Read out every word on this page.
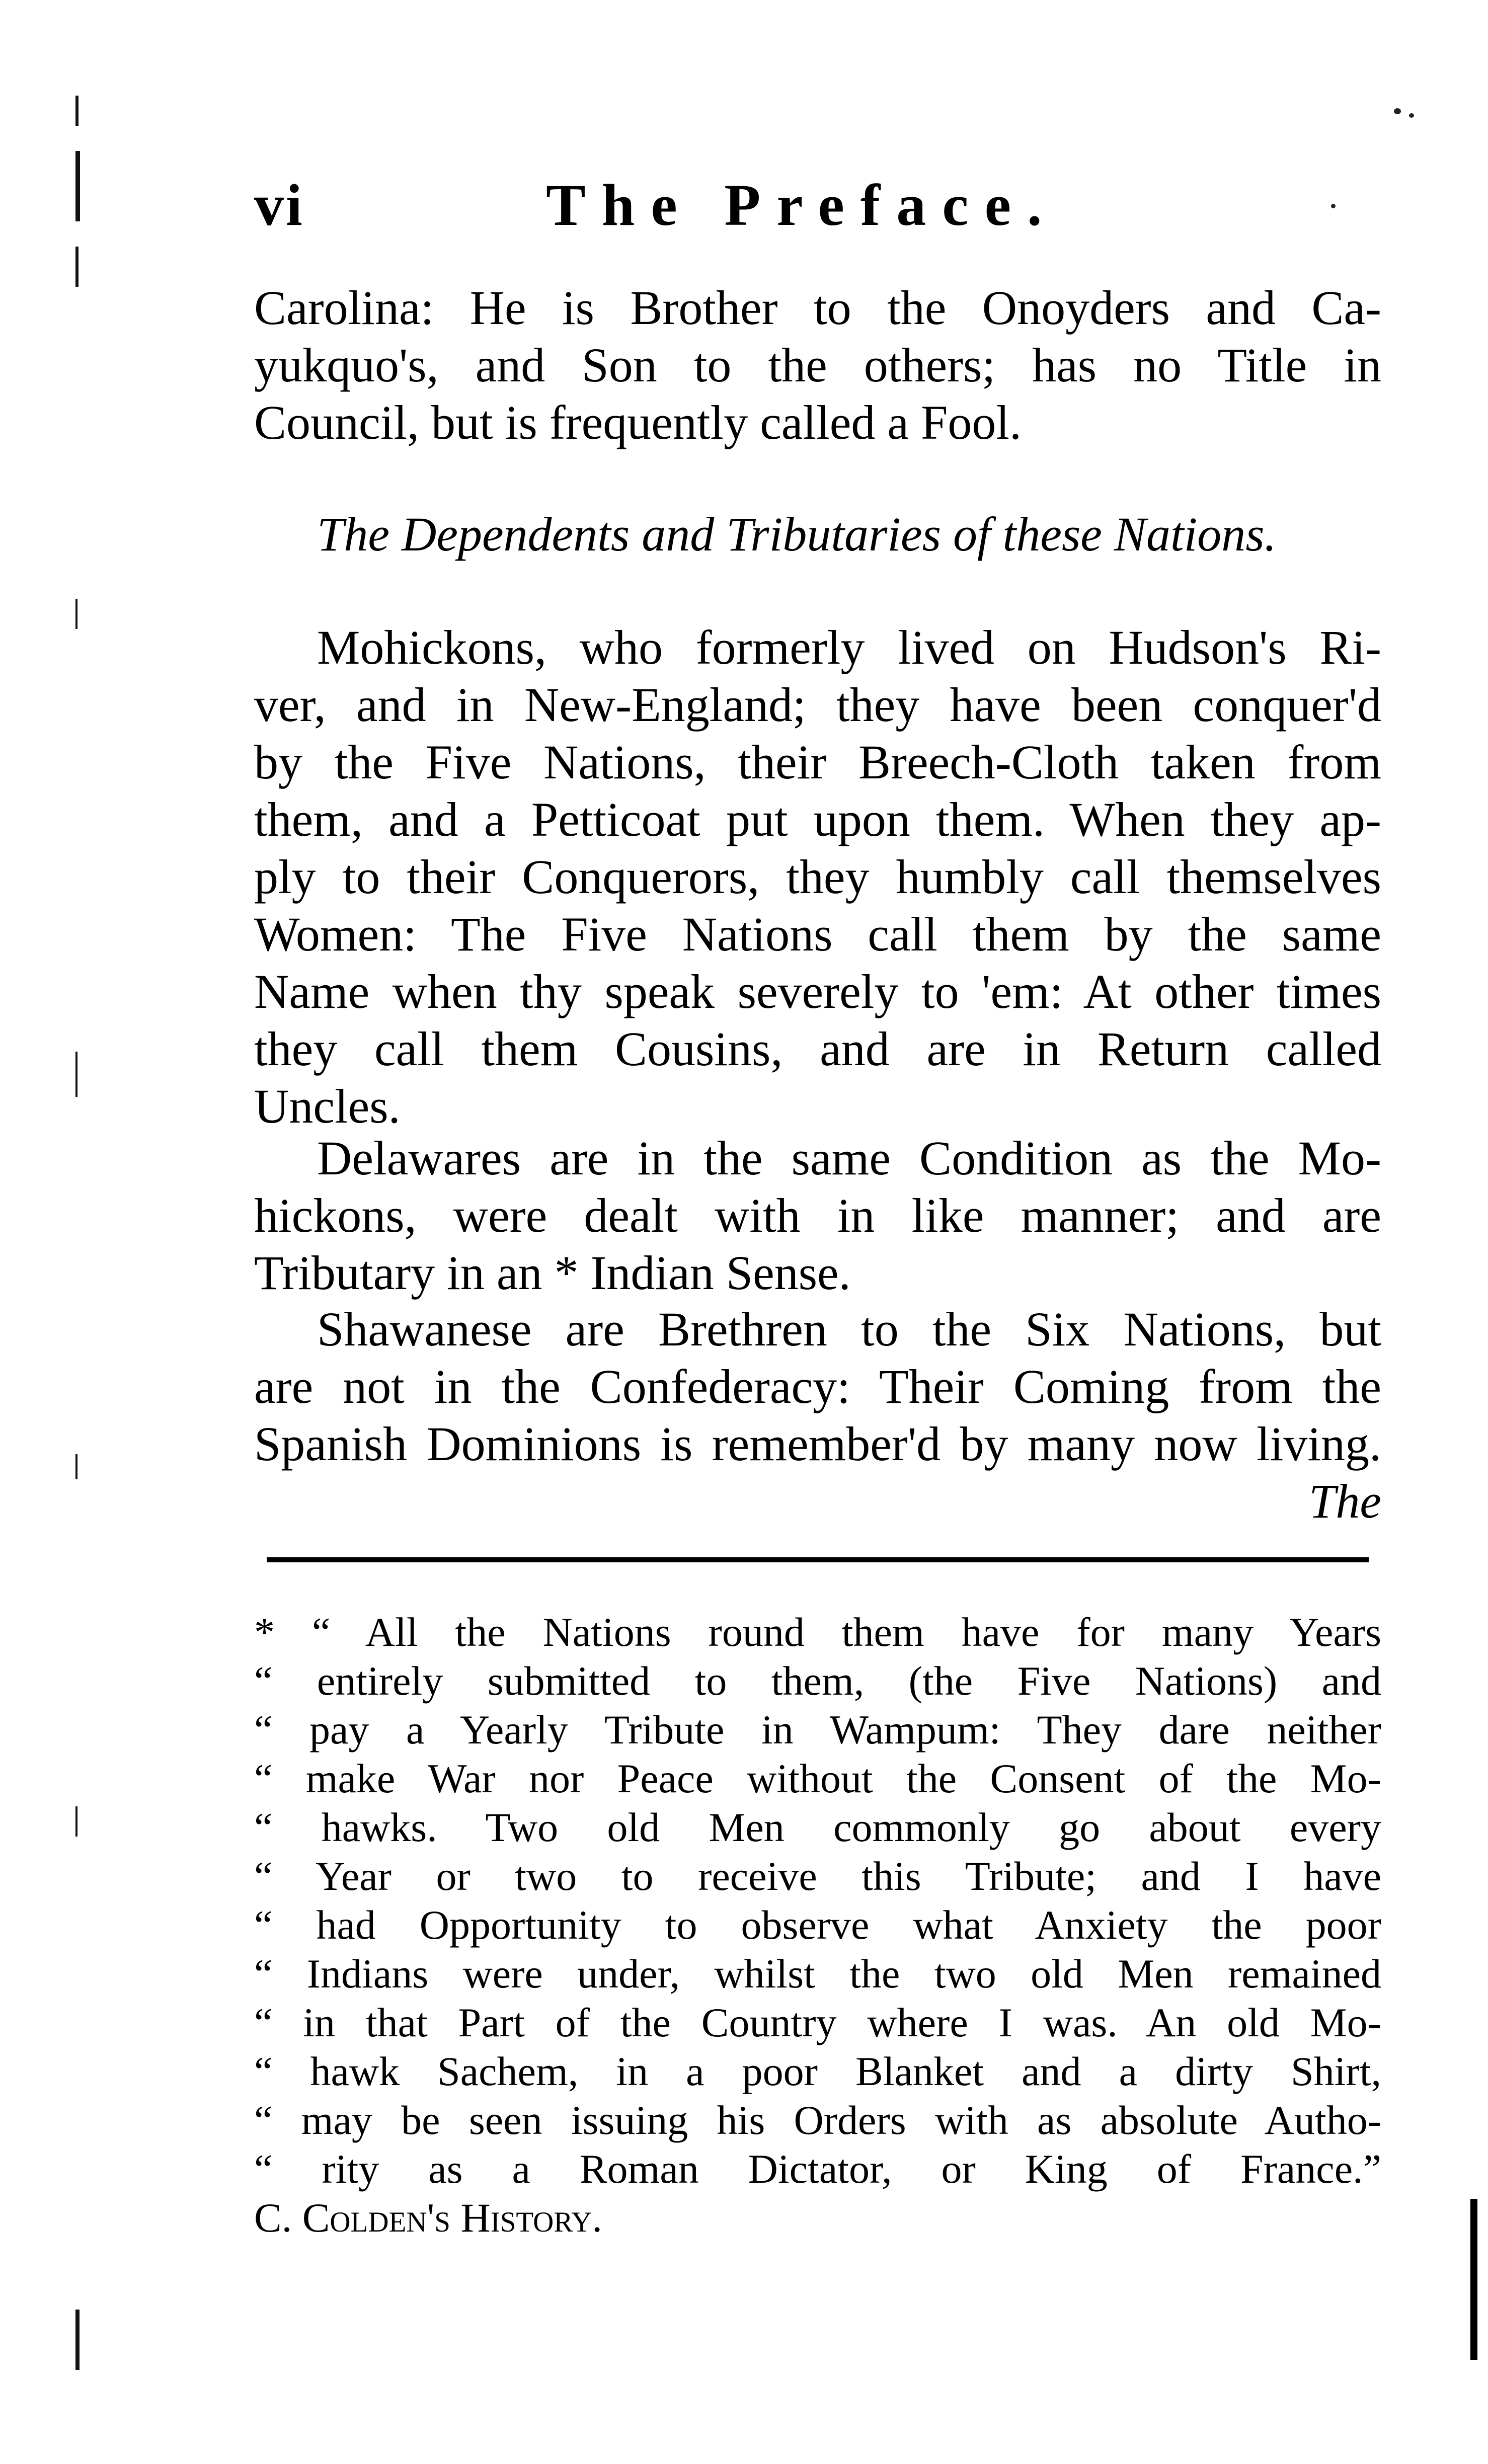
vi	The Preface.
Carolina: He is Brother to the Onoyders and Ca-
yukquo's, and Son to the others; has no Title in
Council, but is frequently called a Fool.
The Dependents and Tributaries of these Nations.
Mohickons, who formerly lived on Hudson's Ri-
ver, and in New-England; they have been conquer'd
by the Five Nations, their Breech-Cloth taken from
them, and a Petticoat put upon them. When they ap-
ply to their Conquerors, they humbly call themselves
Women: The Five Nations call them by the same
Name when thy speak severely to 'em: At other times
they call them Cousins, and are in Return called
Uncles.
Delawares are in the same Condition as the Mo-
hickons, were dealt with in like manner; and are
Tributary in an * Indian Sense.
Shawanese are Brethren to the Six Nations, but
are not in the Confederacy: Their Coming from the
Spanish Dominions is remember'd by many now living.
The
* “ All the Nations round them have for many Years
“ entirely submitted to them, (the Five Nations) and
“ pay a Yearly Tribute in Wampum: They dare neither
“ make War nor Peace without the Consent of the Mo-
“ hawks. Two old Men commonly go about every
“ Year or two to receive this Tribute; and I have
“ had Opportunity to observe what Anxiety the poor
“ Indians were under, whilst the two old Men remained
“ in that Part of the Country where I was. An old Mo-
“ hawk Sachem, in a poor Blanket and a dirty Shirt,
“ may be seen issuing his Orders with as absolute Autho-
“ rity as a Roman Dictator, or King of France.”
C. Colden's History.
